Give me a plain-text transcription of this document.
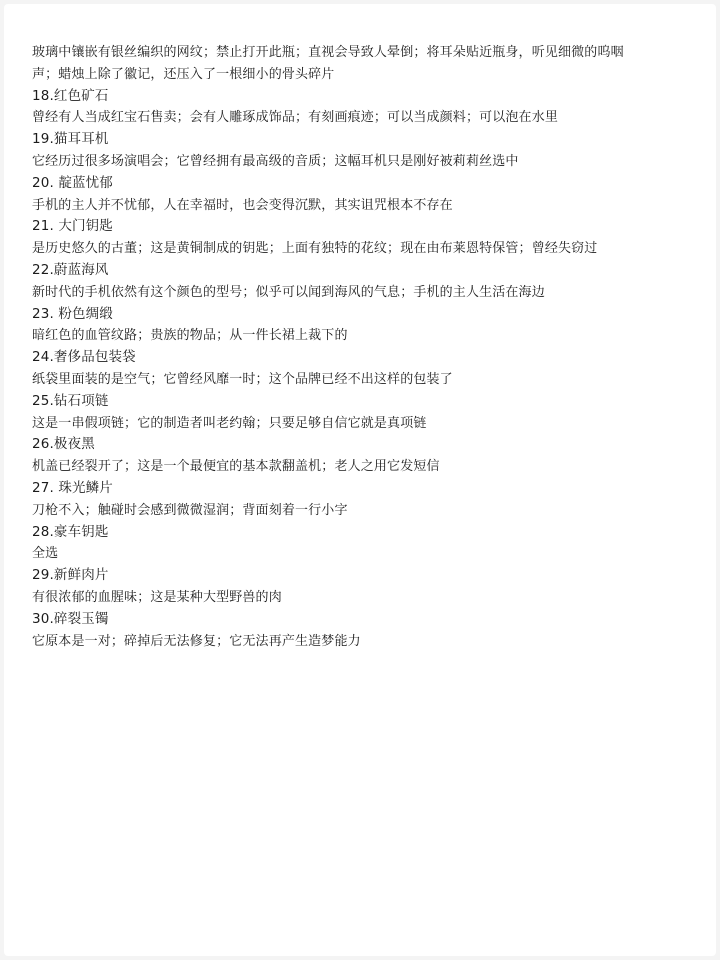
玻璃中镶嵌有银丝编织的网纹；禁止打开此瓶；直视会导致人晕倒；将耳朵贴近瓶身，听见细微的呜咽
声；蜡烛上除了徽记，还压入了一根细小的骨头碎片
18.红色矿石
曾经有人当成红宝石售卖；会有人雕琢成饰品；有刻画痕迹；可以当成颜料；可以泡在水里
19.猫耳耳机
它经历过很多场演唱会；它曾经拥有最高级的音质；这幅耳机只是刚好被莉莉丝选中
20. 靛蓝忧郁
手机的主人并不忧郁，人在幸福时，也会变得沉默，其实诅咒根本不存在
21. 大门钥匙
是历史悠久的古董；这是黄铜制成的钥匙；上面有独特的花纹；现在由布莱恩特保管；曾经失窃过
22.蔚蓝海风
新时代的手机依然有这个颜色的型号；似乎可以闻到海风的气息；手机的主人生活在海边
23. 粉色绸缎
暗红色的血管纹路；贵族的物品；从一件长裙上裁下的
24.奢侈品包装袋
纸袋里面装的是空气；它曾经风靡一时；这个品牌已经不出这样的包装了
25.钻石项链
这是一串假项链；它的制造者叫老约翰；只要足够自信它就是真项链
26.极夜黑
机盖已经裂开了；这是一个最便宜的基本款翻盖机；老人之用它发短信
27. 珠光鳞片
刀枪不入；触碰时会感到微微湿润；背面刻着一行小字
28.豪车钥匙
全选
29.新鲜肉片
有很浓郁的血腥味；这是某种大型野兽的肉
30.碎裂玉镯
它原本是一对；碎掉后无法修复；它无法再产生造梦能力
